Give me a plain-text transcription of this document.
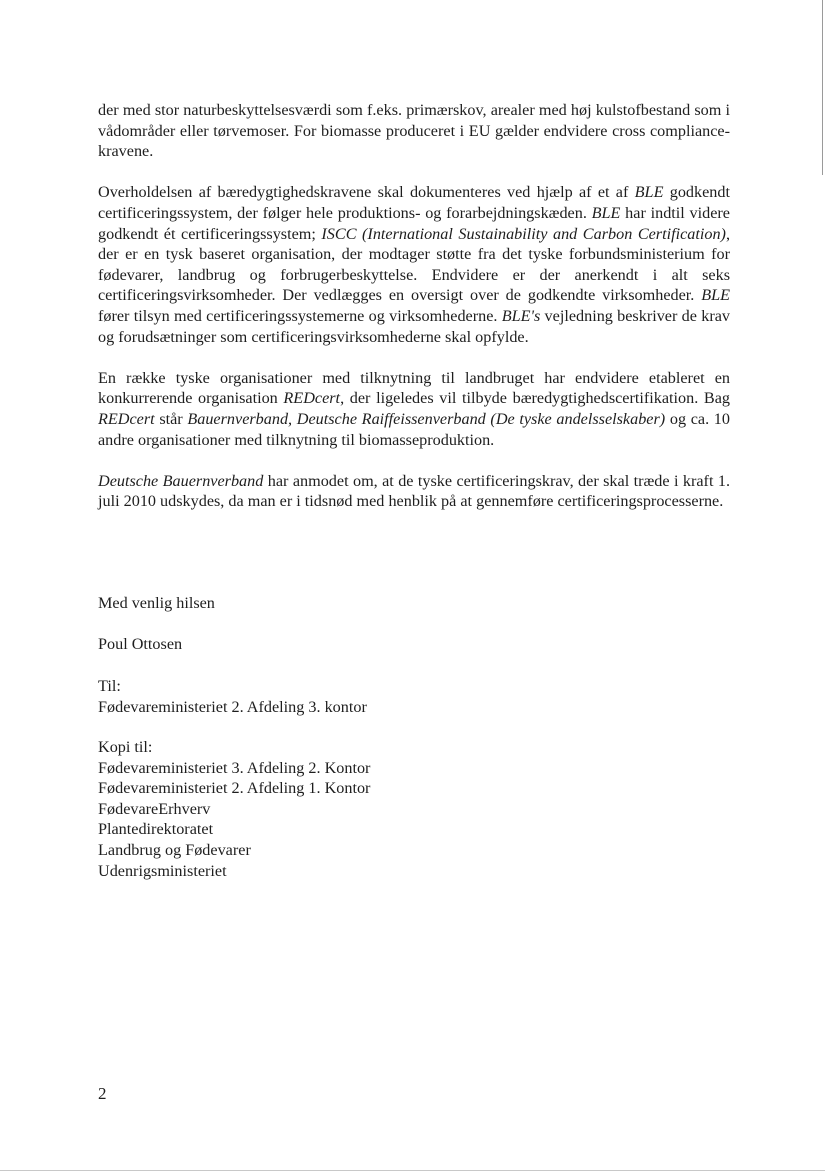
der med stor naturbeskyttelsesværdi som f.eks. primærskov, arealer med høj kulstofbestand som i vådområder eller tørvemoser. For biomasse produceret i EU gælder endvidere cross compliance-kravene.

Overholdelsen af bæredygtighedskravene skal dokumenteres ved hjælp af et af BLE godkendt certificeringssystem, der følger hele produktions- og forarbejdningskæden. BLE har indtil videre godkendt ét certificeringssystem; ISCC (International Sustainability and Carbon Certification), der er en tysk baseret organisation, der modtager støtte fra det tyske forbundsministerium for fødevarer, landbrug og forbrugerbeskyttelse. Endvidere er der anerkendt i alt seks certificeringsvirksomheder. Der vedlægges en oversigt over de godkendte virksomheder. BLE fører tilsyn med certificeringssystemerne og virksomhederne. BLE's vejledning beskriver de krav og forudsætninger som certificeringsvirksomhederne skal opfylde.

En række tyske organisationer med tilknytning til landbruget har endvidere etableret en konkurrerende organisation REDcert, der ligeledes vil tilbyde bæredygtighedscertifikation. Bag REDcert står Bauernverband, Deutsche Raiffeissenverband (De tyske andelsselskaber) og ca. 10 andre organisationer med tilknytning til biomasseproduktion.

Deutsche Bauernverband har anmodet om, at de tyske certificeringskrav, der skal træde i kraft 1. juli 2010 udskydes, da man er i tidsnød med henblik på at gennemføre certificeringsprocesserne.

Med venlig hilsen

Poul Ottosen

Til:
Fødevareministeriet 2. Afdeling 3. kontor
Kopi til:
Fødevareministeriet 3. Afdeling 2. Kontor
Fødevareministeriet 2. Afdeling 1. Kontor
FødevareErhverv
Plantedirektoratet
Landbrug og Fødevarer
Udenrigsministeriet
2
